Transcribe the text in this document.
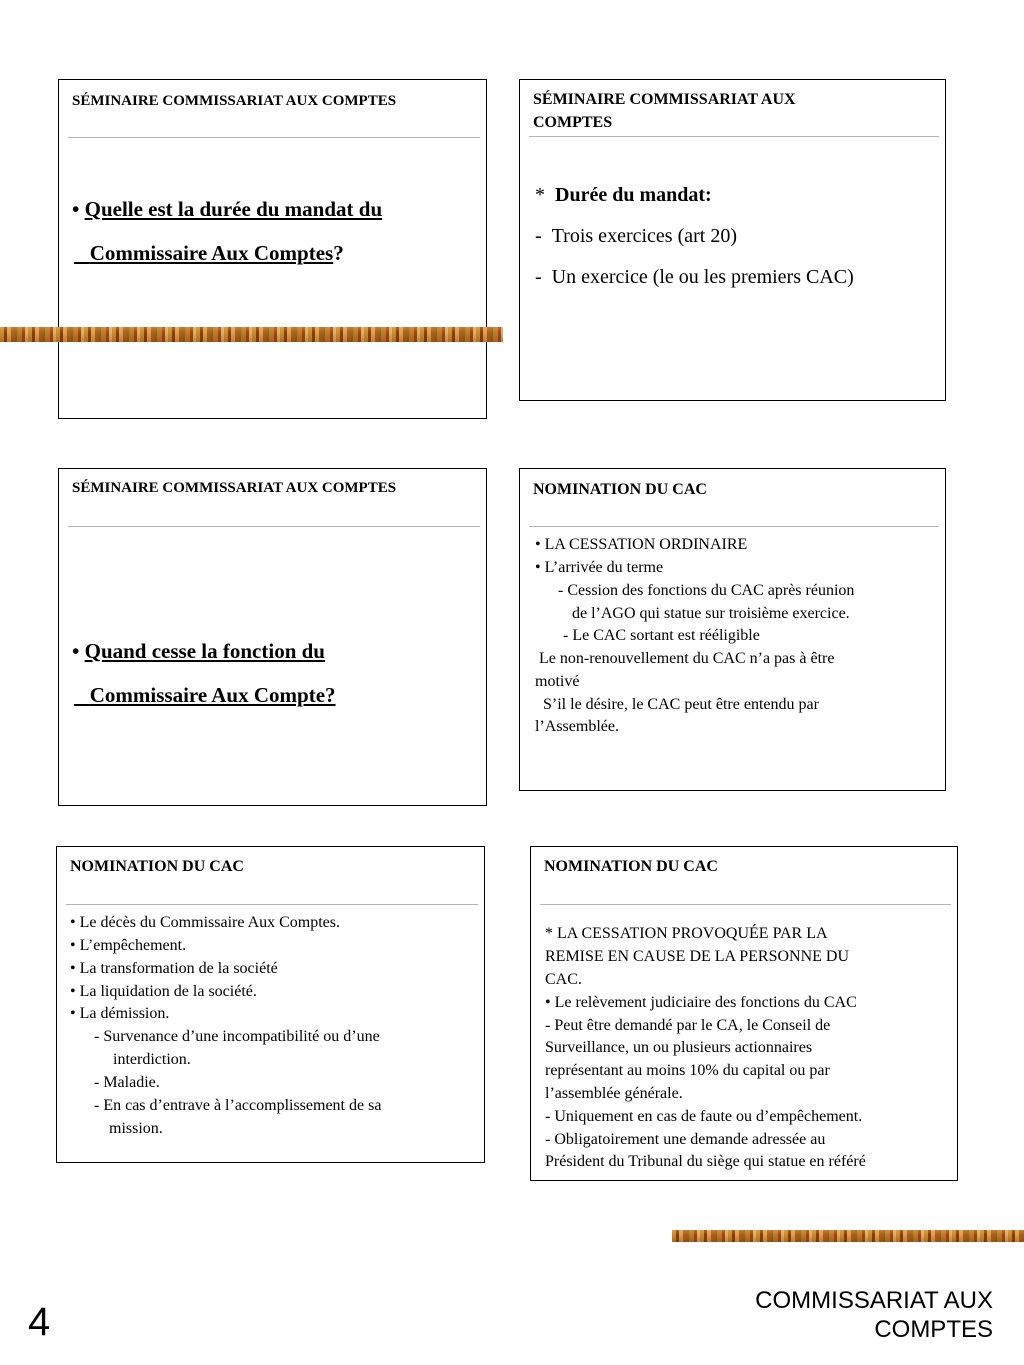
SÉMINAIRE COMMISSARIAT AUX COMPTES
• Quelle est la durée du mandat du
Commissaire Aux Comptes?
SÉMINAIRE COMMISSARIAT AUX COMPTES
* Durée du mandat:
- Trois exercices (art 20)
- Un exercice (le ou les premiers CAC)
SÉMINAIRE COMMISSARIAT AUX COMPTES
• Quand cesse la fonction du
Commissaire Aux Compte?
NOMINATION DU CAC
• LA CESSATION ORDINAIRE
• L’arrivée du terme
- Cession des fonctions du CAC après réunion
de l’AGO qui statue sur troisième exercice.
- Le CAC sortant est rééligible
Le non-renouvellement du CAC n’a pas à être
motivé
S’il le désire, le CAC peut être entendu par
l’Assemblée.
NOMINATION DU CAC
• Le décès du Commissaire Aux Comptes.
• L’empêchement.
• La transformation de la société
• La liquidation de la société.
• La démission.
- Survenance d’une incompatibilité ou d’une
interdiction.
- Maladie.
- En cas d’entrave à l’accomplissement de sa
mission.
NOMINATION DU CAC
* LA CESSATION PROVOQUÉE PAR LA
REMISE EN CAUSE DE LA PERSONNE DU
CAC.
• Le relèvement judiciaire des fonctions du CAC
- Peut être demandé par le CA, le Conseil de
Surveillance, un ou plusieurs actionnaires
représentant au moins 10% du capital ou par
l’assemblée générale.
- Uniquement en cas de faute ou d’empêchement.
- Obligatoirement une demande adressée au
Président du Tribunal du siège qui statue en référé
4	COMMISSARIAT AUX
COMPTES
